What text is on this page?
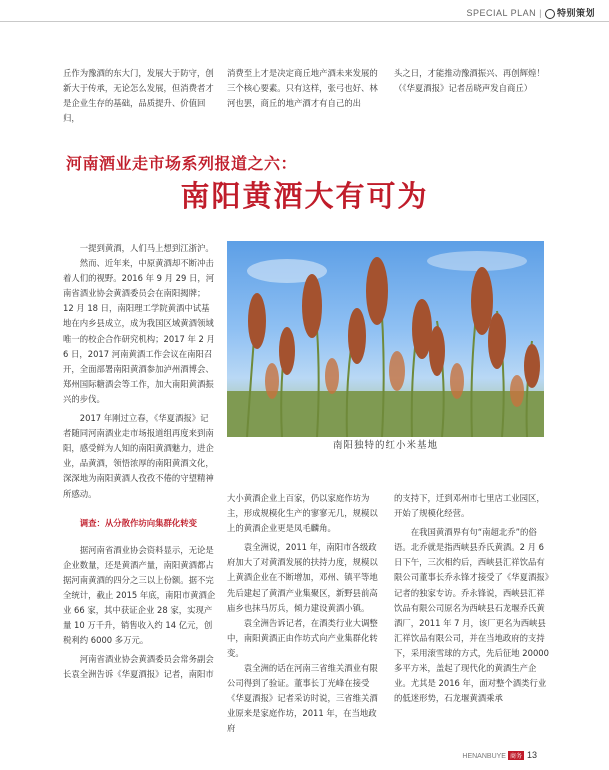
SPECIAL PLAN | 特别策划

丘作为豫酒的东大门，发展大于防守，创新大于传承，无论怎么发展，但消费者才是企业生存的基础，品质提升、价值回归，

消费至上才是决定商丘地产酒未来发展的三个核心要素。只有这样，张弓也好、林河也罢，商丘的地产酒才有自己的出

头之日，才能推动豫酒振兴、再创辉煌！（《华夏酒报》记者岳晓声发自商丘）

河南酒业走市场系列报道之六：
南阳黄酒大有可为

一提到黄酒，人们马上想到江浙沪。

然而、近年来，中原黄酒却不断冲击着人们的视野。2016 年 9 月 29 日，河南省酒业协会黄酒委员会在南阳揭牌；12 月 18 日，南阳理工学院黄酒中试基地在内乡县成立，成为我国区域黄酒领域唯一的校企合作研究机构；2017 年 2 月 6 日，2017 河南黄酒工作会议在南阳召开，全面部署南阳黄酒参加泸州酒博会、郑州国际糖酒会等工作，加大南阳黄酒振兴的步伐。

2017 年刚过立春，《华夏酒报》记者随同河南酒业走市场报道组再度来到南阳，感受鲜为人知的南阳黄酒魅力，进企业，品黄酒，领悟浓厚的南阳黄酒文化，深深地为南阳黄酒人孜孜不倦的守望精神所感动。

调查：从分散作坊向集群化转变

据河南省酒业协会资料显示，无论是企业数量，还是黄酒产量，南阳黄酒都占据河南黄酒的四分之三以上份额。据不完全统计，截止 2015 年底，南阳市黄酒企业 66 家，其中获证企业 28 家，实现产量 10 万千升，销售收入约 14 亿元，创税利约 6000 多万元。

河南省酒业协会黄酒委员会常务副会长袁全洲告诉《华夏酒报》记者，南阳市

南阳独特的红小米基地

大小黄酒企业上百家，仍以家庭作坊为主，形成规模化生产的寥寥无几，规模以上的黄酒企业更是凤毛麟角。

袁全洲说，2011 年，南阳市各级政府加大了对黄酒发展的扶持力度，规模以上黄酒企业在不断增加，邓州、镇平等地先后建起了黄酒产业集聚区，新野县前高庙乡也抹马厉兵，倾力建设黄酒小镇。

袁全洲告诉记者，在酒类行业大调整中，南阳黄酒正由作坊式向产业集群化转变。

袁全洲的话在河南三省维关酒业有限公司得到了验证。董事长丁光峰在接受《华夏酒报》记者采访时说，三省维关酒业原来是家庭作坊，2011 年，在当地政府

的支持下，迁到邓州市七里店工业园区，开始了规模化经营。

在我国黄酒界有句“南超北乔”的俗语。北乔就是指西峡县乔氏黄酒。2 月 6 日下午，三次相约后，西峡县汇祥饮品有限公司董事长乔永锋才接受了《华夏酒报》记者的独家专访。乔永锋说，西峡县汇祥饮品有限公司原名为西峡县石龙堰乔氏黄酒厂，2011 年 7 月，该厂更名为西峡县汇祥饮品有限公司，并在当地政府的支持下，采用滚雪球的方式，先后征地 20000 多平方米，盖起了现代化的黄酒生产企业。尤其是 2016 年，面对整个酒类行业的低迷形势，石龙堰黄酒乘承

HENANBUYE 商务 13
